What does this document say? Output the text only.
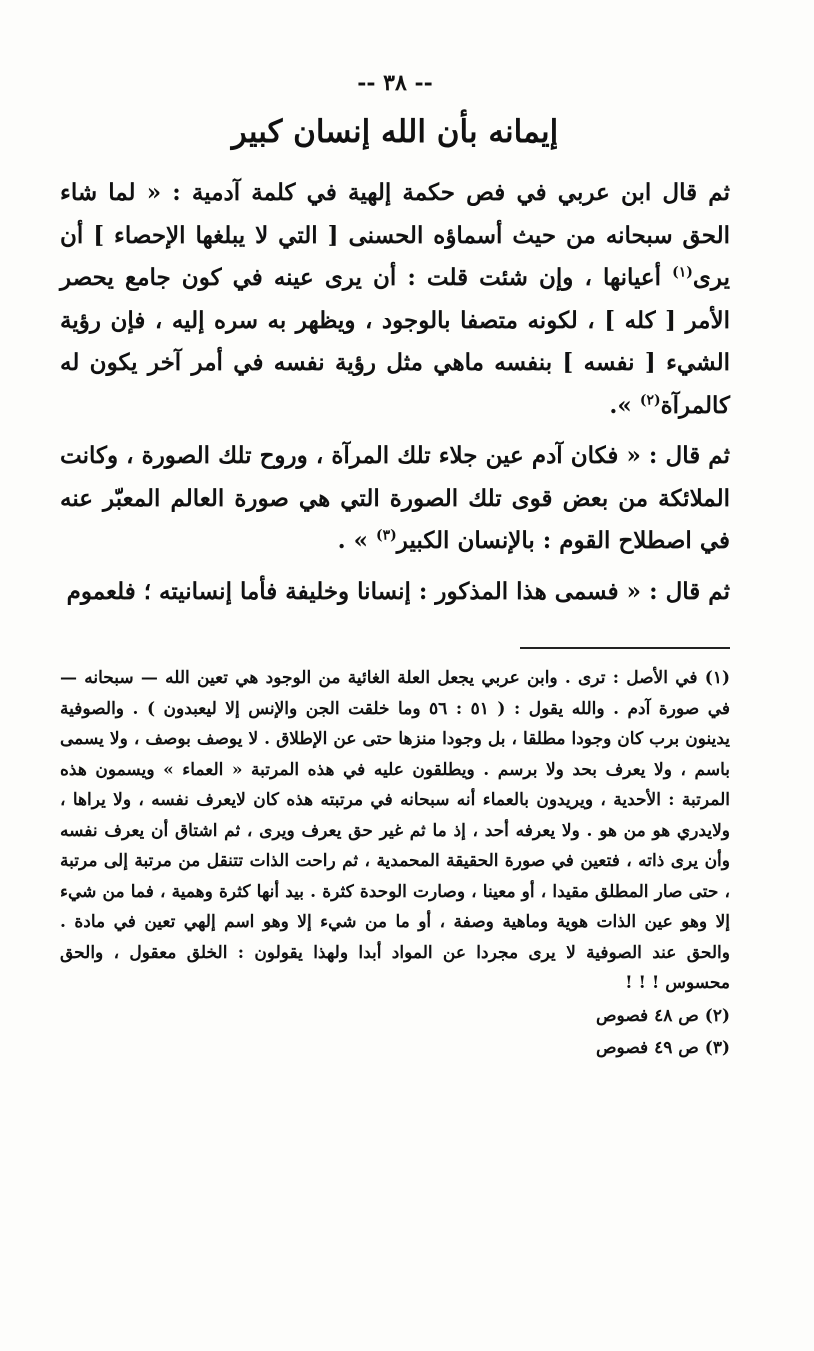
-- ٣٨ --
إيمانه بأن الله إنسان كبير

ثم قال ابن عربي في فص حكمة إلهية في كلمة آدمية : « لما شاء الحق سبحانه من حيث أسماؤه الحسنى [ التي لا يبلغها الإحصاء ] أن يرى$^{(١)}$ أعيانها ، وإن شئت قلت : أن يرى عينه في كون جامع يحصر الأمر [ كله ] ، لكونه متصفا بالوجود ، ويظهر به سره إليه ، فإن رؤية الشيء [ نفسه ] بنفسه ماهي مثل رؤية نفسه في أمر آخر يكون له كالمرآة$^{(٢)}$ ».

ثم قال : « فكان آدم عين جلاء تلك المرآة ، وروح تلك الصورة ، وكانت الملائكة من بعض قوى تلك الصورة التي هي صورة العالم المعبّر عنه في اصطلاح القوم : بالإنسان الكبير$^{(٣)}$ » .

ثم قال : « فسمى هذا المذكور : إنسانا وخليفة فأما إنسانيته ؛ فلعموم

(١) في الأصل : ترى . وابن عربي يجعل العلة الغائية من الوجود هي تعين الله — سبحانه — في صورة آدم . والله يقول : ( ٥١ : ٥٦ وما خلقت الجن والإنس إلا ليعبدون ) . والصوفية يدينون برب كان وجودا مطلقا ، بل وجودا منزها حتى عن الإطلاق . لا يوصف بوصف ، ولا يسمى باسم ، ولا يعرف بحد ولا برسم . ويطلقون عليه في هذه المرتبة « العماء » ويسمون هذه المرتبة : الأحدية ، ويريدون بالعماء أنه سبحانه في مرتبته هذه كان لايعرف نفسه ، ولا يراها ، ولايدري هو من هو . ولا يعرفه أحد ، إذ ما ثم غير حق يعرف ويرى ، ثم اشتاق أن يعرف نفسه وأن يرى ذاته ، فتعين في صورة الحقيقة المحمدية ، ثم راحت الذات تتنقل من مرتبة إلى مرتبة ، حتى صار المطلق مقيدا ، أو معينا ، وصارت الوحدة كثرة . بيد أنها كثرة وهمية ، فما من شيء إلا وهو عين الذات هوية وماهية وصفة ، أو ما من شيء إلا وهو اسم إلهي تعين في مادة . والحق عند الصوفية لا يرى مجردا عن المواد أبدا ولهذا يقولون : الخلق معقول ، والحق محسوس ! ! !

(٢) ص ٤٨ فصوص

(٣) ص ٤٩ فصوص
